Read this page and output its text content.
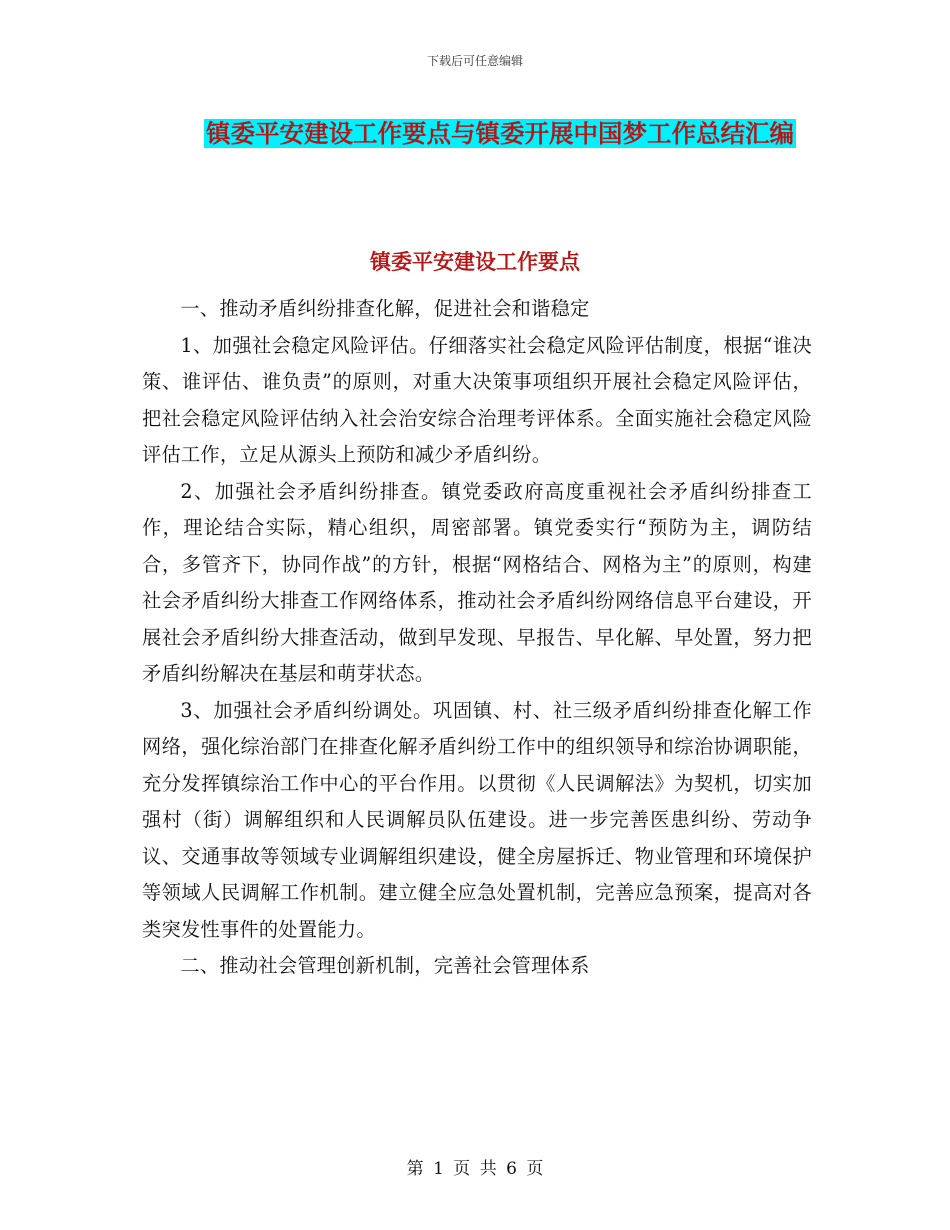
下载后可任意编辑
镇委平安建设工作要点与镇委开展中国梦工作总结汇编
镇委平安建设工作要点

一、推动矛盾纠纷排查化解，促进社会和谐稳定

1、加强社会稳定风险评估。仔细落实社会稳定风险评估制度，根据“谁决策、谁评估、谁负责”的原则，对重大决策事项组织开展社会稳定风险评估，把社会稳定风险评估纳入社会治安综合治理考评体系。全面实施社会稳定风险评估工作，立足从源头上预防和减少矛盾纠纷。

2、加强社会矛盾纠纷排查。镇党委政府高度重视社会矛盾纠纷排查工作，理论结合实际，精心组织，周密部署。镇党委实行“预防为主，调防结合，多管齐下，协同作战”的方针，根据“网格结合、网格为主”的原则，构建社会矛盾纠纷大排查工作网络体系，推动社会矛盾纠纷网络信息平台建设，开展社会矛盾纠纷大排查活动，做到早发现、早报告、早化解、早处置，努力把矛盾纠纷解决在基层和萌芽状态。

3、加强社会矛盾纠纷调处。巩固镇、村、社三级矛盾纠纷排查化解工作网络，强化综治部门在排查化解矛盾纠纷工作中的组织领导和综治协调职能，充分发挥镇综治工作中心的平台作用。以贯彻《人民调解法》为契机，切实加强村（街）调解组织和人民调解员队伍建设。进一步完善医患纠纷、劳动争议、交通事故等领域专业调解组织建设，健全房屋拆迁、物业管理和环境保护等领域人民调解工作机制。建立健全应急处置机制，完善应急预案，提高对各类突发性事件的处置能力。

二、推动社会管理创新机制，完善社会管理体系

第 1 页 共 6 页
